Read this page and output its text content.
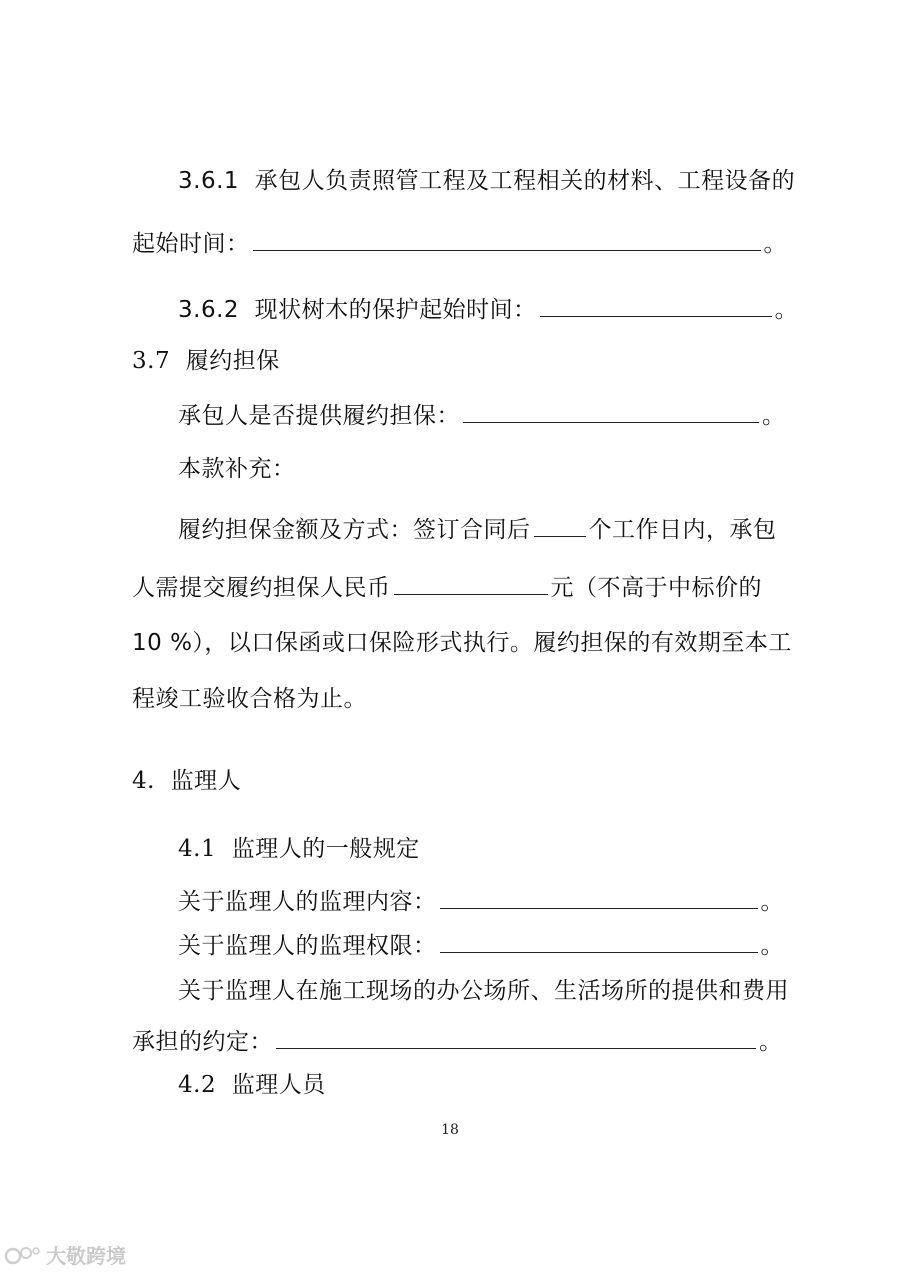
3.6.1 承包人负责照管工程及工程相关的材料、工程设备的
起始时间：	。
3.6.2 现状树木的保护起始时间：	。
3.7 履约担保
承包人是否提供履约担保：	。
本款补充：
履约担保金额及方式：签订合同后	个工作日内，承包
人需提交履约担保人民币	元（不高于中标价的
10 %），以口保函或口保险形式执行。履约担保的有效期至本工
程竣工验收合格为止。
4. 监理人
4.1 监理人的一般规定
关于监理人的监理内容：	。
关于监理人的监理权限：	。
关于监理人在施工现场的办公场所、生活场所的提供和费用
承担的约定：	。
4.2 监理人员
18
大敬跨境
